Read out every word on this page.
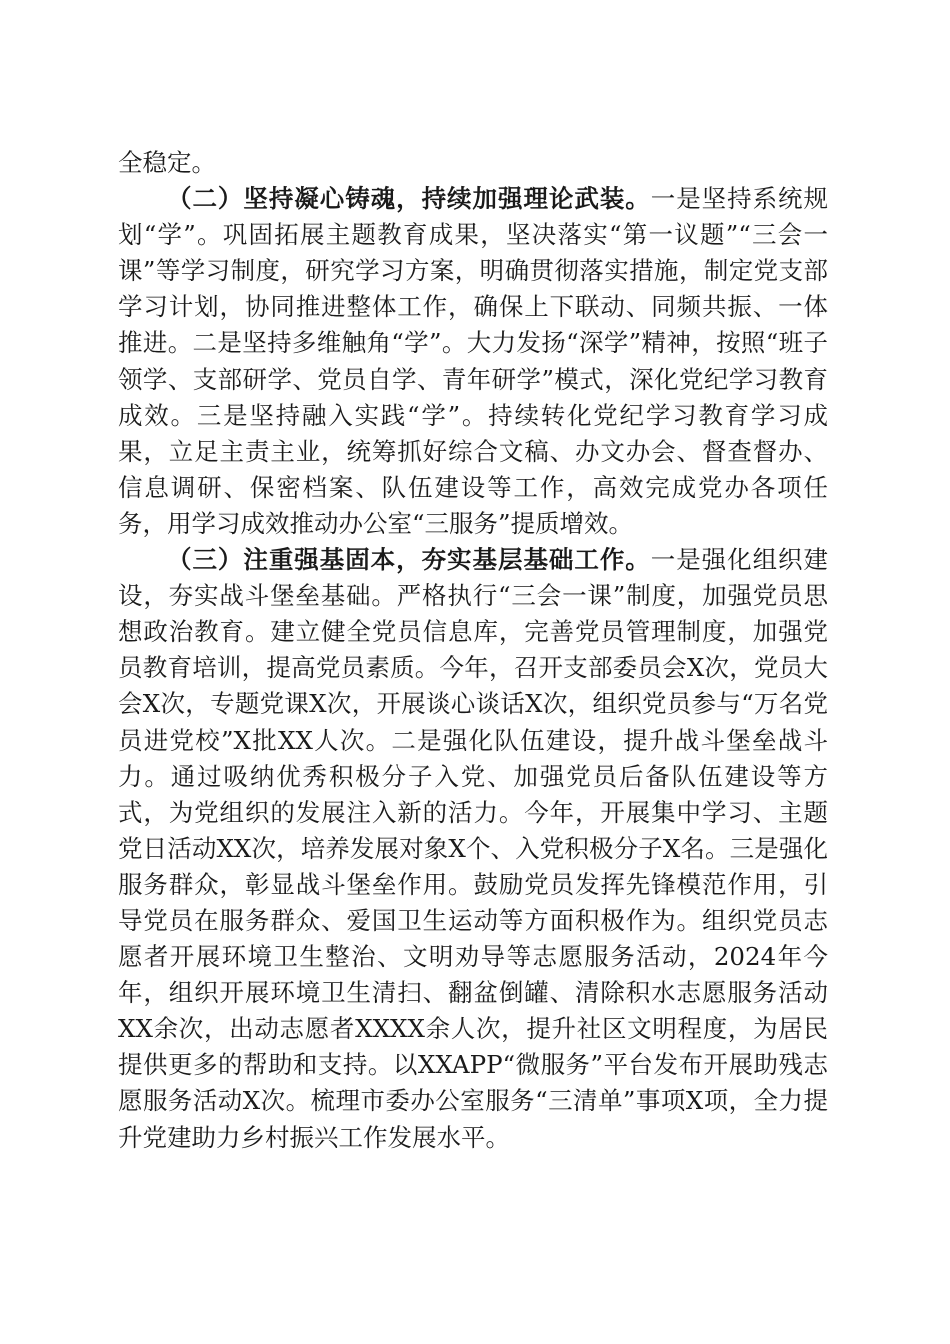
全稳定。

（二）坚持凝心铸魂，持续加强理论武装。一是坚持系统规划“学”。巩固拓展主题教育成果，坚决落实“第一议题”“三会一课”等学习制度，研究学习方案，明确贯彻落实措施，制定党支部学习计划，协同推进整体工作，确保上下联动、同频共振、一体推进。二是坚持多维触角“学”。大力发扬“深学”精神，按照“班子领学、支部研学、党员自学、青年研学”模式，深化党纪学习教育成效。三是坚持融入实践“学”。持续转化党纪学习教育学习成果，立足主责主业，统筹抓好综合文稿、办文办会、督查督办、信息调研、保密档案、队伍建设等工作，高效完成党办各项任务，用学习成效推动办公室“三服务”提质增效。

（三）注重强基固本，夯实基层基础工作。一是强化组织建设，夯实战斗堡垒基础。严格执行“三会一课”制度，加强党员思想政治教育。建立健全党员信息库，完善党员管理制度，加强党员教育培训，提高党员素质。今年，召开支部委员会X次，党员大会X次，专题党课X次，开展谈心谈话X次，组织党员参与“万名党员进党校”X批XX人次。二是强化队伍建设，提升战斗堡垒战斗力。通过吸纳优秀积极分子入党、加强党员后备队伍建设等方式，为党组织的发展注入新的活力。今年，开展集中学习、主题党日活动XX次，培养发展对象X个、入党积极分子X名。三是强化服务群众，彰显战斗堡垒作用。鼓励党员发挥先锋模范作用，引导党员在服务群众、爱国卫生运动等方面积极作为。组织党员志愿者开展环境卫生整治、文明劝导等志愿服务活动，2024年今年，组织开展环境卫生清扫、翻盆倒罐、清除积水志愿服务活动XX余次，出动志愿者XXXX余人次，提升社区文明程度，为居民提供更多的帮助和支持。以XXAPP“微服务”平台发布开展助残志愿服务活动X次。梳理市委办公室服务“三清单”事项X项，全力提升党建助力乡村振兴工作发展水平。
